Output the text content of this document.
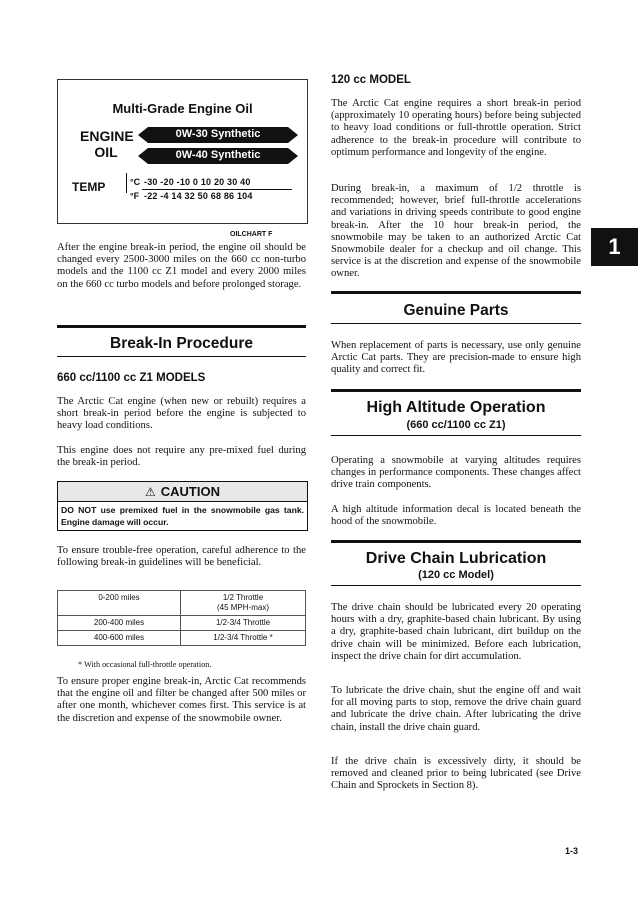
Multi-Grade Engine Oil
ENGINE
OIL
0W-30 Synthetic
0W-40 Synthetic
TEMP	°C
°F
-30 -20 -10 0 10 20 30 40
-22 -4 14 32 50 68 86 104
OILCHART F

After the engine break-in period, the engine oil should be changed every 2500-3000 miles on the 660 cc non-turbo models and the 1100 cc Z1 model and every 2000 miles on the 660 cc turbo models and before prolonged storage.

Break-In Procedure
660 cc/1100 cc Z1 MODELS

The Arctic Cat engine (when new or rebuilt) requires a short break-in period before the engine is subjected to heavy load conditions.

This engine does not require any pre-mixed fuel during the break-in period.

⚠ CAUTION
DO NOT use premixed fuel in the snowmobile gas tank. Engine damage will occur.

To ensure trouble-free operation, careful adherence to the following break-in guidelines will be beneficial.

0-200 miles	1/2 Throttle
(45 MPH-max)

200-400 miles	1/2-3/4 Throttle
400-600 miles	1/2-3/4 Throttle *
* With occasional full-throttle operation.

To ensure proper engine break-in, Arctic Cat recommends that the engine oil and filter be changed after 500 miles or after one month, whichever comes first. This service is at the discretion and expense of the snowmobile owner.

120 cc MODEL

The Arctic Cat engine requires a short break-in period (approximately 10 operating hours) before being subjected to heavy load conditions or full-throttle operation. Strict adherence to the break-in procedure will contribute to optimum performance and longevity of the engine.

During break-in, a maximum of 1/2 throttle is recommended; however, brief full-throttle accelerations and variations in driving speeds contribute to good engine break-in. After the 10 hour break-in period, the snowmobile may be taken to an authorized Arctic Cat Snowmobile dealer for a checkup and oil change. This service is at the discretion and expense of the snowmobile owner.

Genuine Parts

When replacement of parts is necessary, use only genuine Arctic Cat parts. They are precision-made to ensure high quality and correct fit.

High Altitude Operation
(660 cc/1100 cc Z1)

Operating a snowmobile at varying altitudes requires changes in performance components. These changes affect drive train components.

A high altitude information decal is located beneath the hood of the snowmobile.

Drive Chain Lubrication
(120 cc Model)

The drive chain should be lubricated every 20 operating hours with a dry, graphite-based chain lubricant. By using a dry, graphite-based chain lubricant, dirt buildup on the drive chain will be minimized. Before each lubrication, inspect the drive chain for dirt accumulation.

To lubricate the drive chain, shut the engine off and wait for all moving parts to stop, remove the drive chain guard and lubricate the drive chain. After lubricating the drive chain, install the drive chain guard.

If the drive chain is excessively dirty, it should be removed and cleaned prior to being lubricated (see Drive Chain and Sprockets in Section 8).

1
1-3
